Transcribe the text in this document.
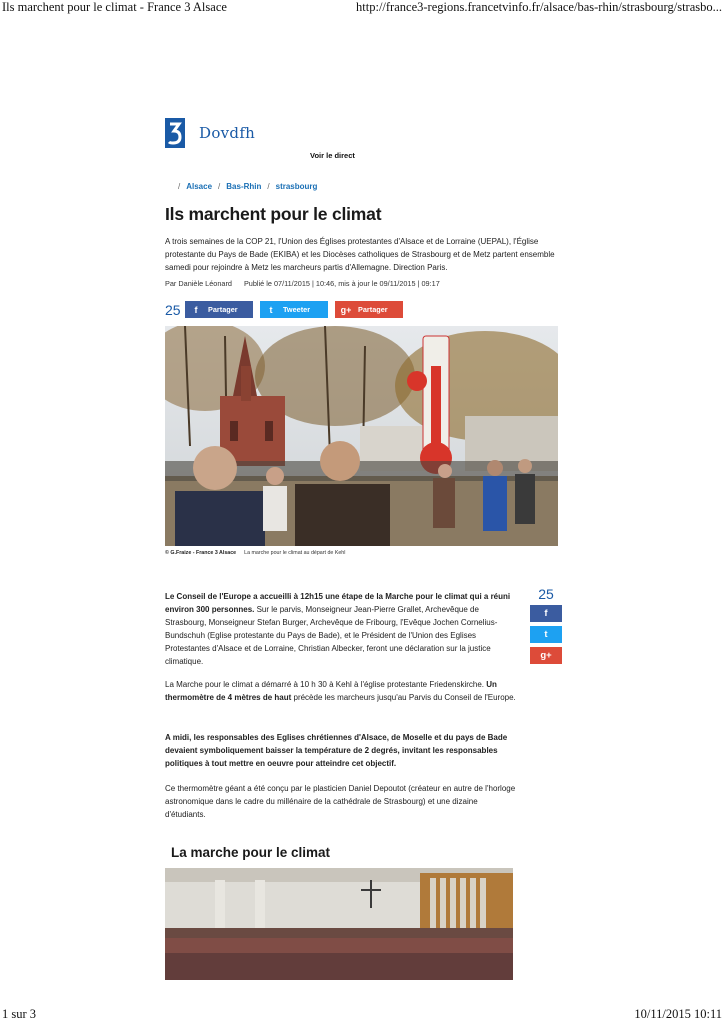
Ils marchent pour le climat - France 3 Alsace	http://france3-regions.francetvinfo.fr/alsace/bas-rhin/strasbourg/strasbo...
Dovdfh
Voir le direct
/ Alsace / Bas-Rhin / strasbourg
Ils marchent pour le climat

A trois semaines de la COP 21, l'Union des Églises protestantes d'Alsace et de Lorraine (UEPAL), l'Église protestante du Pays de Bade (EKIBA) et les Diocèses catholiques de Strasbourg et de Metz partent ensemble samedi pour rejoindre à Metz les marcheurs partis d'Allemagne. Direction Paris.

Par Danièle Léonard Publié le 07/11/2015 | 10:46, mis à jour le 09/11/2015 | 09:17
25	f	Partager	t	Tweeter	g+ Partager
© G.Fraize - France 3 Alsace La marche pour le climat au départ de Kehl
25
f
t
g+

Le Conseil de l'Europe a accueilli à 12h15 une étape de la Marche pour le climat qui a réuni environ 300 personnes. Sur le parvis, Monseigneur Jean-Pierre Grallet, Archevêque de Strasbourg, Monseigneur Stefan Burger, Archevêque de Fribourg, l'Evêque Jochen Cornelius-Bundschuh (Eglise protestante du Pays de Bade), et le Président de l'Union des Eglises Protestantes d'Alsace et de Lorraine, Christian Albecker, feront une déclaration sur la justice climatique.

La Marche pour le climat a démarré à 10 h 30 à Kehl à l'église protestante Friedenskirche. Un thermomètre de 4 mètres de haut précède les marcheurs jusqu'au Parvis du Conseil de l'Europe.

A midi, les responsables des Eglises chrétiennes d'Alsace, de Moselle et du pays de Bade devaient symboliquement baisser la température de 2 degrés, invitant les responsables politiques à tout mettre en oeuvre pour atteindre cet objectif.

Ce thermomètre géant a été conçu par le plasticien Daniel Depoutot (créateur en autre de l'horloge astronomique dans le cadre du millénaire de la cathédrale de Strasbourg) et une dizaine d'étudiants.

La marche pour le climat
1 sur 3	10/11/2015 10:11
